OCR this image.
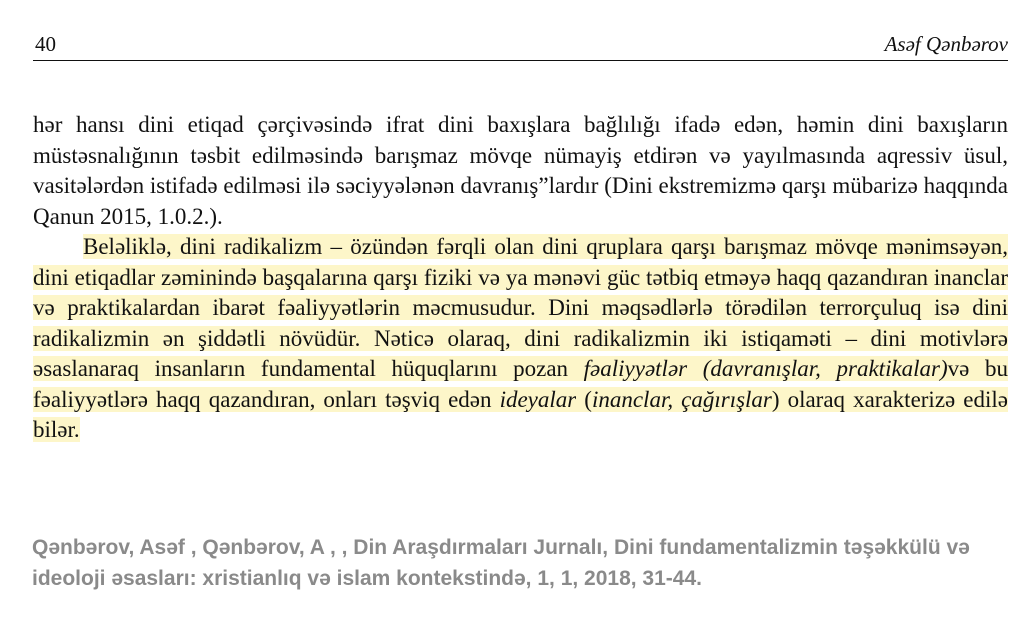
40	Asəf Qənbərov

hər hansı dini etiqad çərçivəsində ifrat dini baxışlara bağlılığı ifadə edən, həmin dini baxışların müstəsnalığının təsbit edilməsində barışmaz mövqe nümayiş etdirən və yayılmasında aqressiv üsul, vasitələrdən istifadə edilməsi ilə səciyyələnən davranış”lardır (Dini ekstremizmə qarşı mübarizə haqqında Qanun 2015, 1.0.2.).

Beləliklə, dini radikalizm – özündən fərqli olan dini qruplara qarşı barışmaz mövqe mənimsəyən, dini etiqadlar zəminində başqalarına qarşı fiziki və ya mənəvi güc tətbiq etməyə haqq qazandıran inanclar və praktikalardan ibarət fəaliyyətlərin məcmusudur. Dini məqsədlərlə törədilən terrorçuluq isə dini radikalizmin ən şiddətli növüdür. Nəticə olaraq, dini radikalizmin iki istiqaməti – dini motivlərə əsaslanaraq insanların fundamental hüquqlarını pozan fəaliyyətlər (davranışlar, praktikalar)və bu fəaliyyətlərə haqq qazandıran, onları təşviq edən ideyalar (inanclar, çağırışlar) olaraq xarakterizə edilə bilər.

Qənbərov, Asəf , Qənbərov, A , , Din Araşdırmaları Jurnalı, Dini fundamentalizmin təşəkkülü və ideoloji əsasları: xristianlıq və islam kontekstində, 1, 1, 2018, 31-44.
